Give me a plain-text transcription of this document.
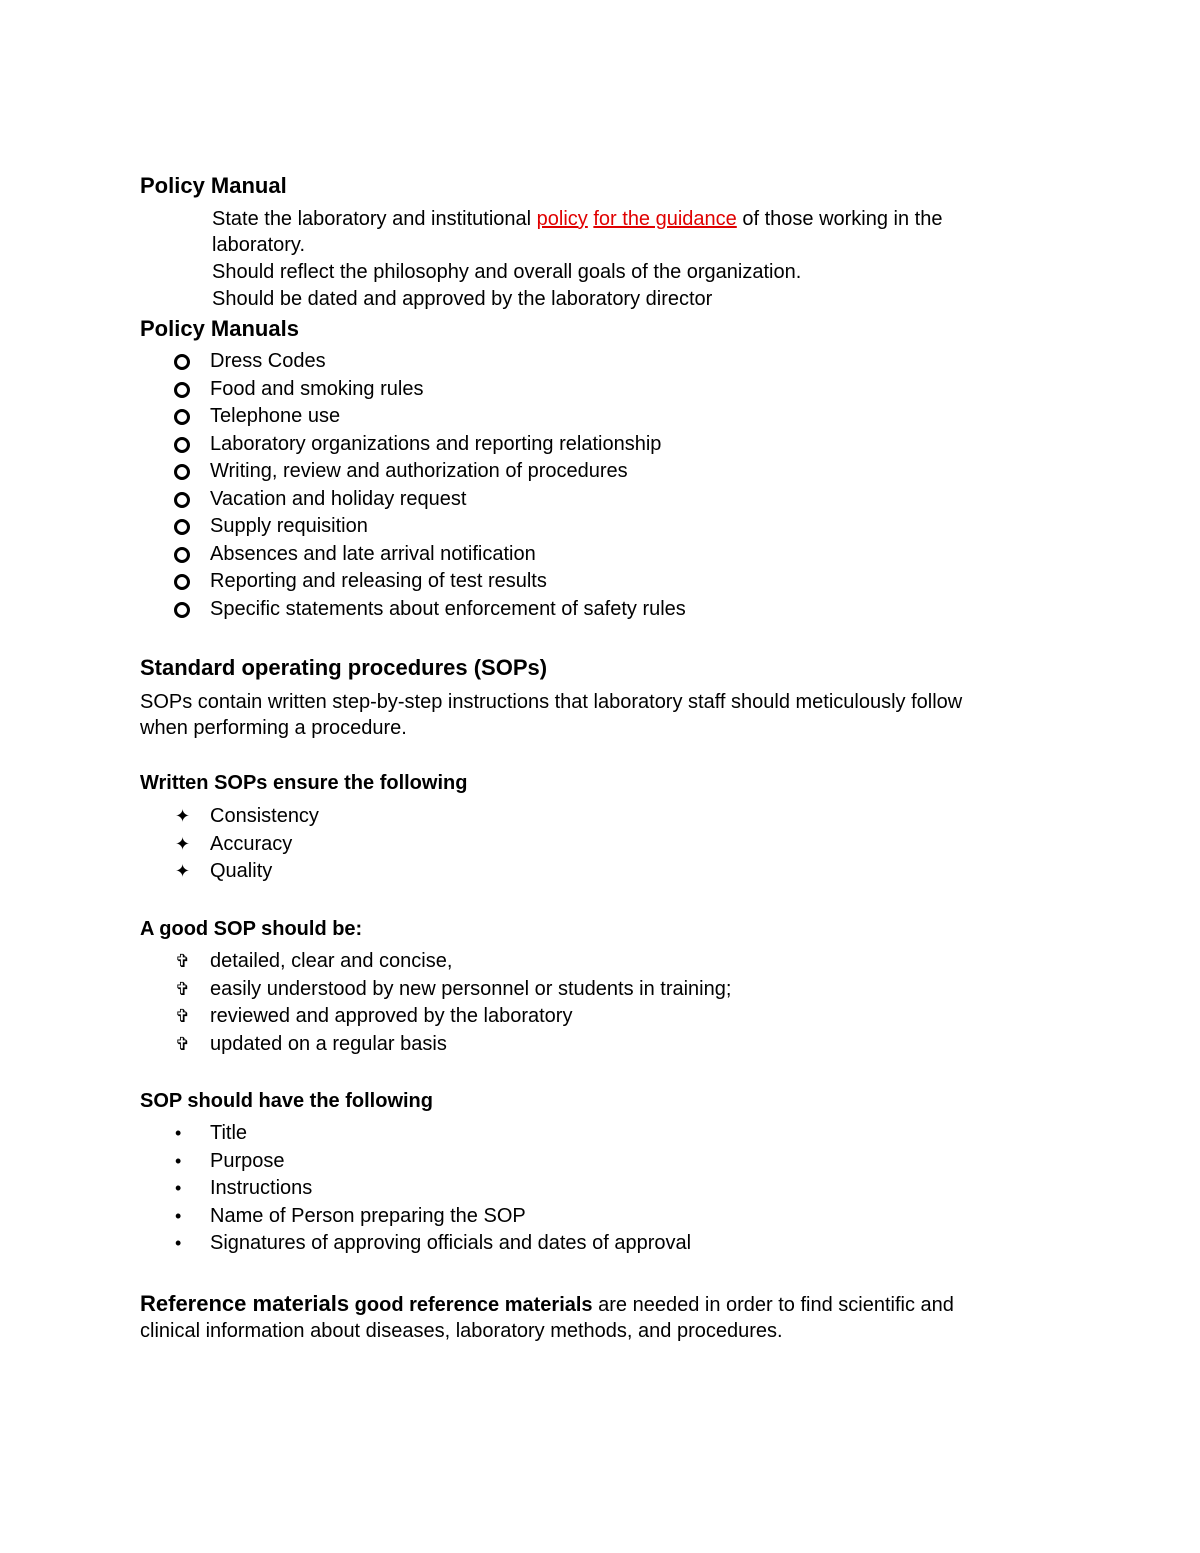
Policy Manual
State the laboratory and institutional policy for the guidance of those working in the
laboratory.
Should reflect the philosophy and overall goals of the organization.
Should be dated and approved by the laboratory director
Policy Manuals
Dress Codes
Food and smoking rules
Telephone use
Laboratory organizations and reporting relationship
Writing, review and authorization of procedures
Vacation and holiday request
Supply requisition
Absences and late arrival notification
Reporting and releasing of test results
Specific statements about enforcement of safety rules
Standard operating procedures (SOPs)
SOPs contain written step-by-step instructions that laboratory staff should meticulously follow
when performing a procedure.
Written SOPs ensure the following
✦ Consistency
✦ Accuracy
✦ Quality
A good SOP should be:
✞ detailed, clear and concise,
✞ easily understood by new personnel or students in training;
✞ reviewed and approved by the laboratory
✞ updated on a regular basis
SOP should have the following
• Title
• Purpose
• Instructions
• Name of Person preparing the SOP
• Signatures of approving officials and dates of approval
Reference materials good reference materials are needed in order to find scientific and
clinical information about diseases, laboratory methods, and procedures.
